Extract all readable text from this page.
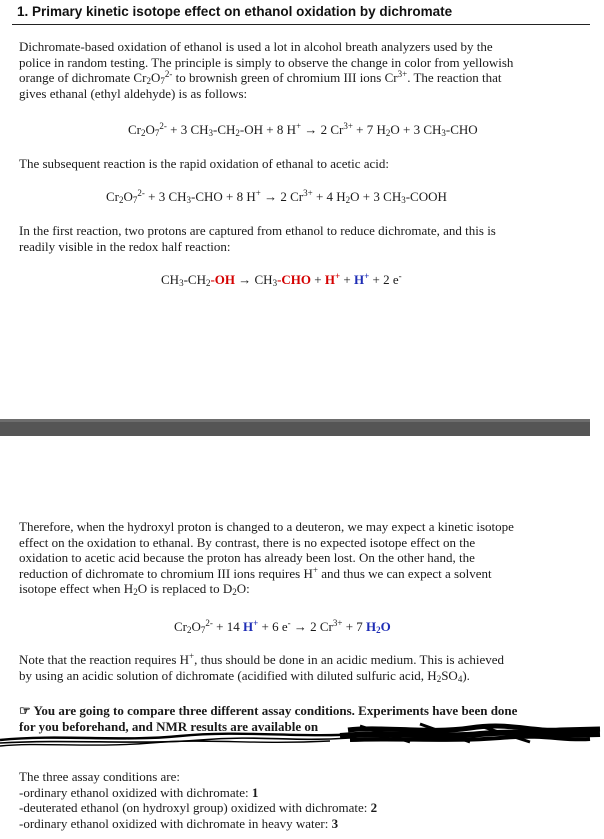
1. Primary kinetic isotope effect on ethanol oxidation by dichromate
Dichromate-based oxidation of ethanol is used a lot in alcohol breath analyzers used by the
police in random testing. The principle is simply to observe the change in color from yellowish
orange of dichromate $Cr_2O_7^{2-}$ to brownish green of chromium III ions $Cr^{3+}$. The reaction that
gives ethanal (ethyl aldehyde) is as follows:
$Cr_2O_7^{2-} + 3$ $CH_3-CH_2-OH + 8$ H+ → 2 $Cr^{3+} + 7$ $H_2O + 3$ $CH_3$-CHO
The subsequent reaction is the rapid oxidation of ethanal to acetic acid:
$Cr_2O_7^{2-} + 3$ $CH_3$-CHO + 8 H+ → 2 $Cr^{3+} + 4$ $H_2O + 3$ $CH_3$-COOH
In the first reaction, two protons are captured from ethanol to reduce dichromate, and this is
readily visible in the redox half reaction:
$CH_3-CH_2-OH \to CH_3-CHO + H^+ + H^+ + 2$ e-
Therefore, when the hydroxyl proton is changed to a deuteron, we may expect a kinetic isotope
effect on the oxidation to ethanal. By contrast, there is no expected isotope effect on the
oxidation to acetic acid because the proton has already been lost. On the other hand, the
reduction of dichromate to chromium III ions requires H+ and thus we can expect a solvent
isotope effect when $H_2O$ is replaced to $D_2O$:
$Cr_2O_7^{2-} + 14$ H+ + 6 e- → 2 $Cr^{3+} + 7$ $H_2O$
Note that the reaction requires H+, thus should be done in an acidic medium. This is achieved
by using an acidic solution of dichromate (acidified with diluted sulfuric acid, $H_2SO_4$).
☞ You are going to compare three different assay conditions. Experiments have been done
for you beforehand, and NMR results are available on
The three assay conditions are:
-ordinary ethanol oxidized with dichromate: 1
-deuterated ethanol (on hydroxyl group) oxidized with dichromate: 2
-ordinary ethanol oxidized with dichromate in heavy water: 3
